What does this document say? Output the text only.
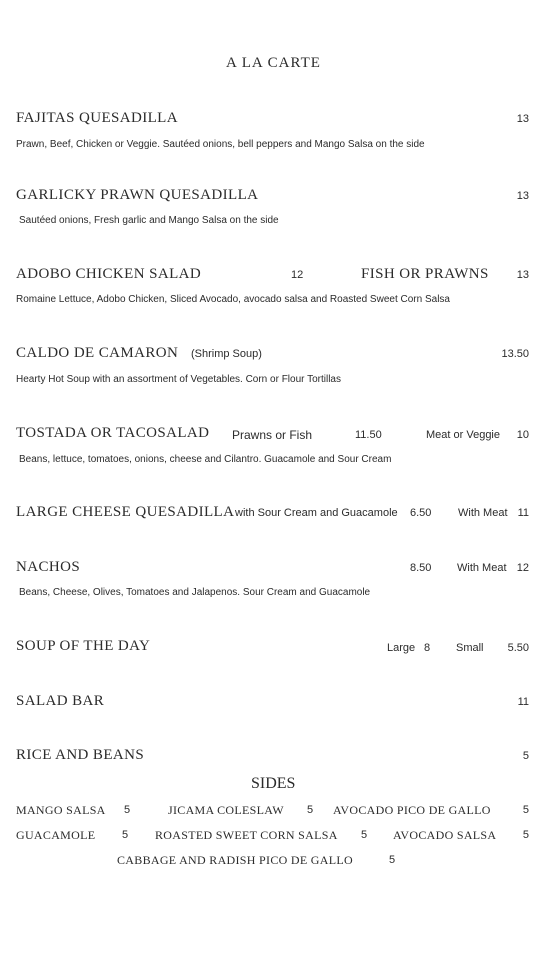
A LA CARTE
FAJITAS QUESADILLA	13
Prawn, Beef, Chicken or Veggie. Sautéed onions, bell peppers and Mango Salsa on the side
GARLICKY PRAWN QUESADILLA	13
Sautéed onions, Fresh garlic and Mango Salsa on the side
ADOBO CHICKEN SALAD	12	FISH OR PRAWNS	13
Romaine Lettuce, Adobo Chicken, Sliced Avocado, avocado salsa and Roasted Sweet Corn Salsa
CALDO DE CAMARON (Shrimp Soup)	13.50
Hearty Hot Soup with an assortment of Vegetables. Corn or Flour Tortillas
TOSTADA OR TACOSALAD Prawns or Fish	11.50	Meat or Veggie 10
Beans, lettuce, tomatoes, onions, cheese and Cilantro. Guacamole and Sour Cream
LARGE CHEESE QUESADILLA with Sour Cream and Guacamole 6.50 With Meat 11
NACHOS	8.50 With Meat 12
Beans, Cheese, Olives, Tomatoes and Jalapenos. Sour Cream and Guacamole
SOUP OF THE DAY	Large 8 Small 5.50
SALAD BAR	11
RICE AND BEANS	5
SIDES
MANGO SALSA 5	JICAMA COLESLAW 5 AVOCADO PICO DE GALLO	5
GUACAMOLE 5 ROASTED SWEET CORN SALSA 5 AVOCADO SALSA 5
CABBAGE AND RADISH PICO DE GALLO	5
